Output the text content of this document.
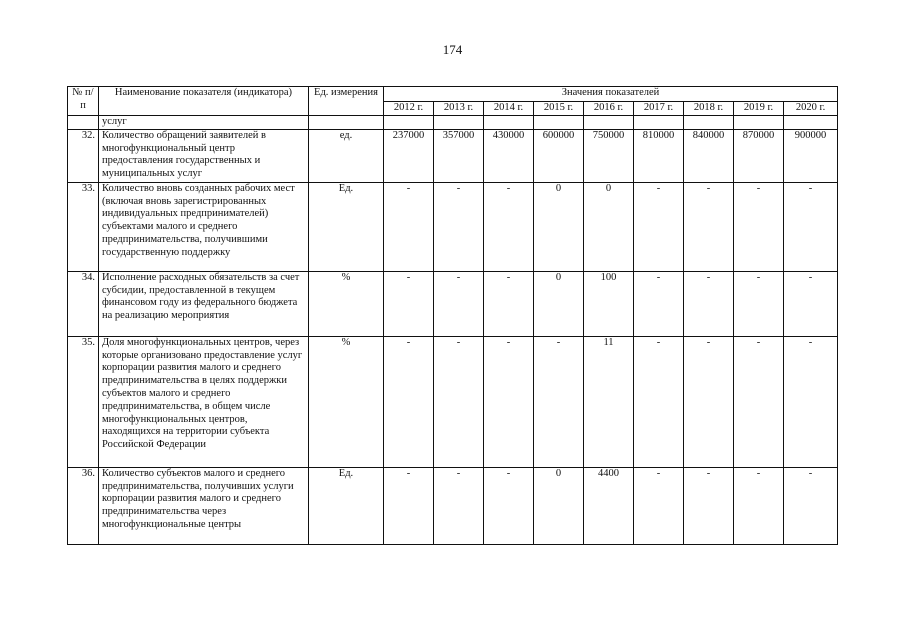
174
№ п/п	Наименование показателя (индикатора)	Ед. измерения	Значения показателей								
			2012 г.	2013 г.	2014 г.	2015 г.	2016 г.	2017 г.	2018 г.	2019 г.	2020 г.
	услуг										
32.	Количество обращений заявителей в многофункциональный центр предоставления государственных и муниципальных услуг	ед.	237000	357000	430000	600000	750000	810000	840000	870000	900000
33.	Количество вновь созданных рабочих мест (включая вновь зарегистрированных индивидуальных предпринимателей) субъектами малого и среднего предпринимательства, получившими государственную поддержку	Ед.	-	-	-	0	0	-	-	-	-
34.	Исполнение расходных обязательств за счет субсидии, предоставленной в текущем финансовом году из федерального бюджета на реализацию мероприятия	%	-	-	-	0	100	-	-	-	-
35.	Доля многофункциональных центров, через которые организовано предоставление услуг корпорации развития малого и среднего предпринимательства в целях поддержки субъектов малого и среднего предпринимательства, в общем числе многофункциональных центров, находящихся на территории субъекта Российской Федерации	%	-	-	-	-	11	-	-	-	-
36.	Количество субъектов малого и среднего предпринимательства, получивших услуги корпорации развития малого и среднего предпринимательства через многофункциональные центры	Ед.	-	-	-	0	4400	-	-	-	-
